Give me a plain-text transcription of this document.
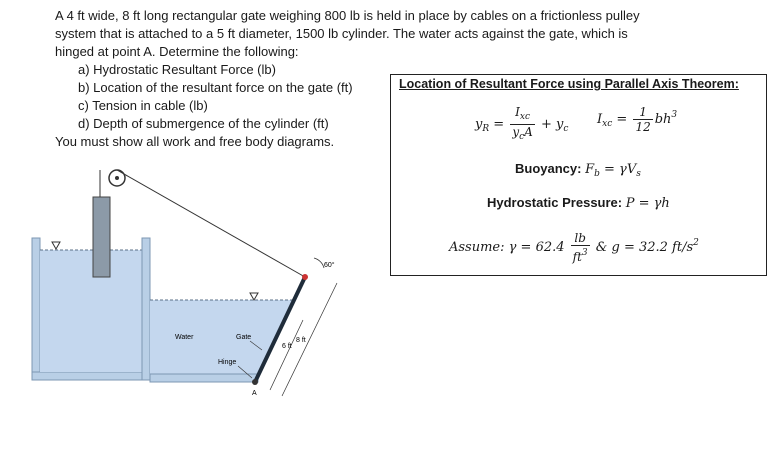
A 4 ft wide, 8 ft long rectangular gate weighing 800 lb is held in place by cables on a frictionless pulley

system that is attached to a 5 ft diameter, 1500 lb cylinder. The water acts against the gate, which is

hinged at point A. Determine the following:

a) Hydrostatic Resultant Force (lb)
b) Location of the resultant force on the gate (ft)
c) Tension in cable (lb)
d) Depth of submergence of the cylinder (ft)

You must show all work and free body diagrams.

Location of Resultant Force using Parallel Axis Theorem:
$y_R = \frac{I_{xc}}{y_cA} + y_c$
$I_{xc} = \frac{1}{12} bh^3$
Buoyancy: $F_b = \gamma V_s$
Hydrostatic Pressure: P = γh
Assume: $\gamma = 62.4 \frac{lb}{ft^3}$ & g = 32.2 $ft/s^2$
60°
6 ft
8 ft
Water	Gate
Hinge
A
